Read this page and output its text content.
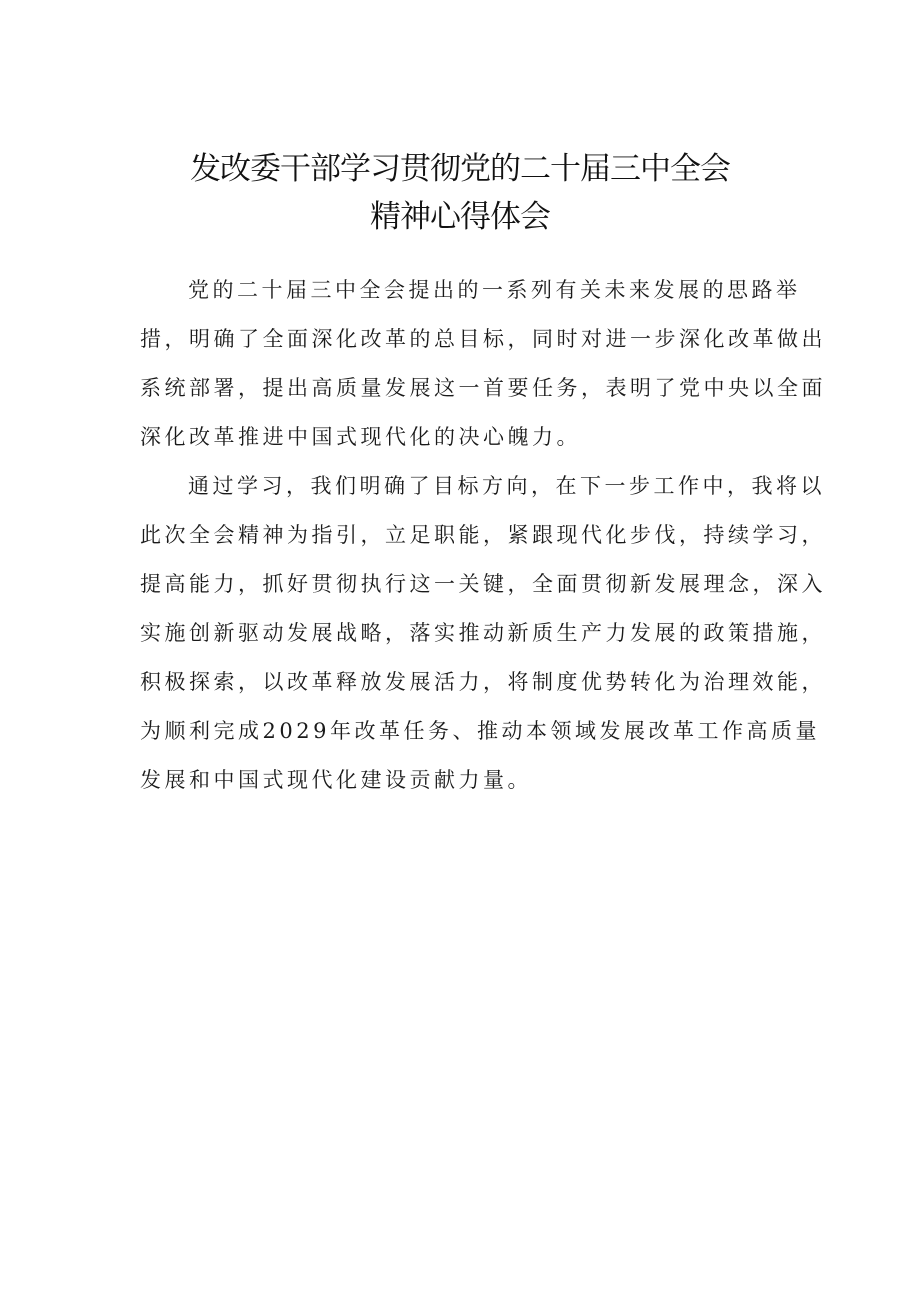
发改委干部学习贯彻党的二十届三中全会
精神心得体会
党的二十届三中全会提出的一系列有关未来发展的思路举
措，明确了全面深化改革的总目标，同时对进一步深化改革做出
系统部署，提出高质量发展这一首要任务，表明了党中央以全面
深化改革推进中国式现代化的决心魄力。
通过学习，我们明确了目标方向，在下一步工作中，我将以
此次全会精神为指引，立足职能，紧跟现代化步伐，持续学习，
提高能力，抓好贯彻执行这一关键，全面贯彻新发展理念，深入
实施创新驱动发展战略，落实推动新质生产力发展的政策措施，
积极探索，以改革释放发展活力，将制度优势转化为治理效能，
为顺利完成2029年改革任务、推动本领域发展改革工作高质量
发展和中国式现代化建设贡献力量。
